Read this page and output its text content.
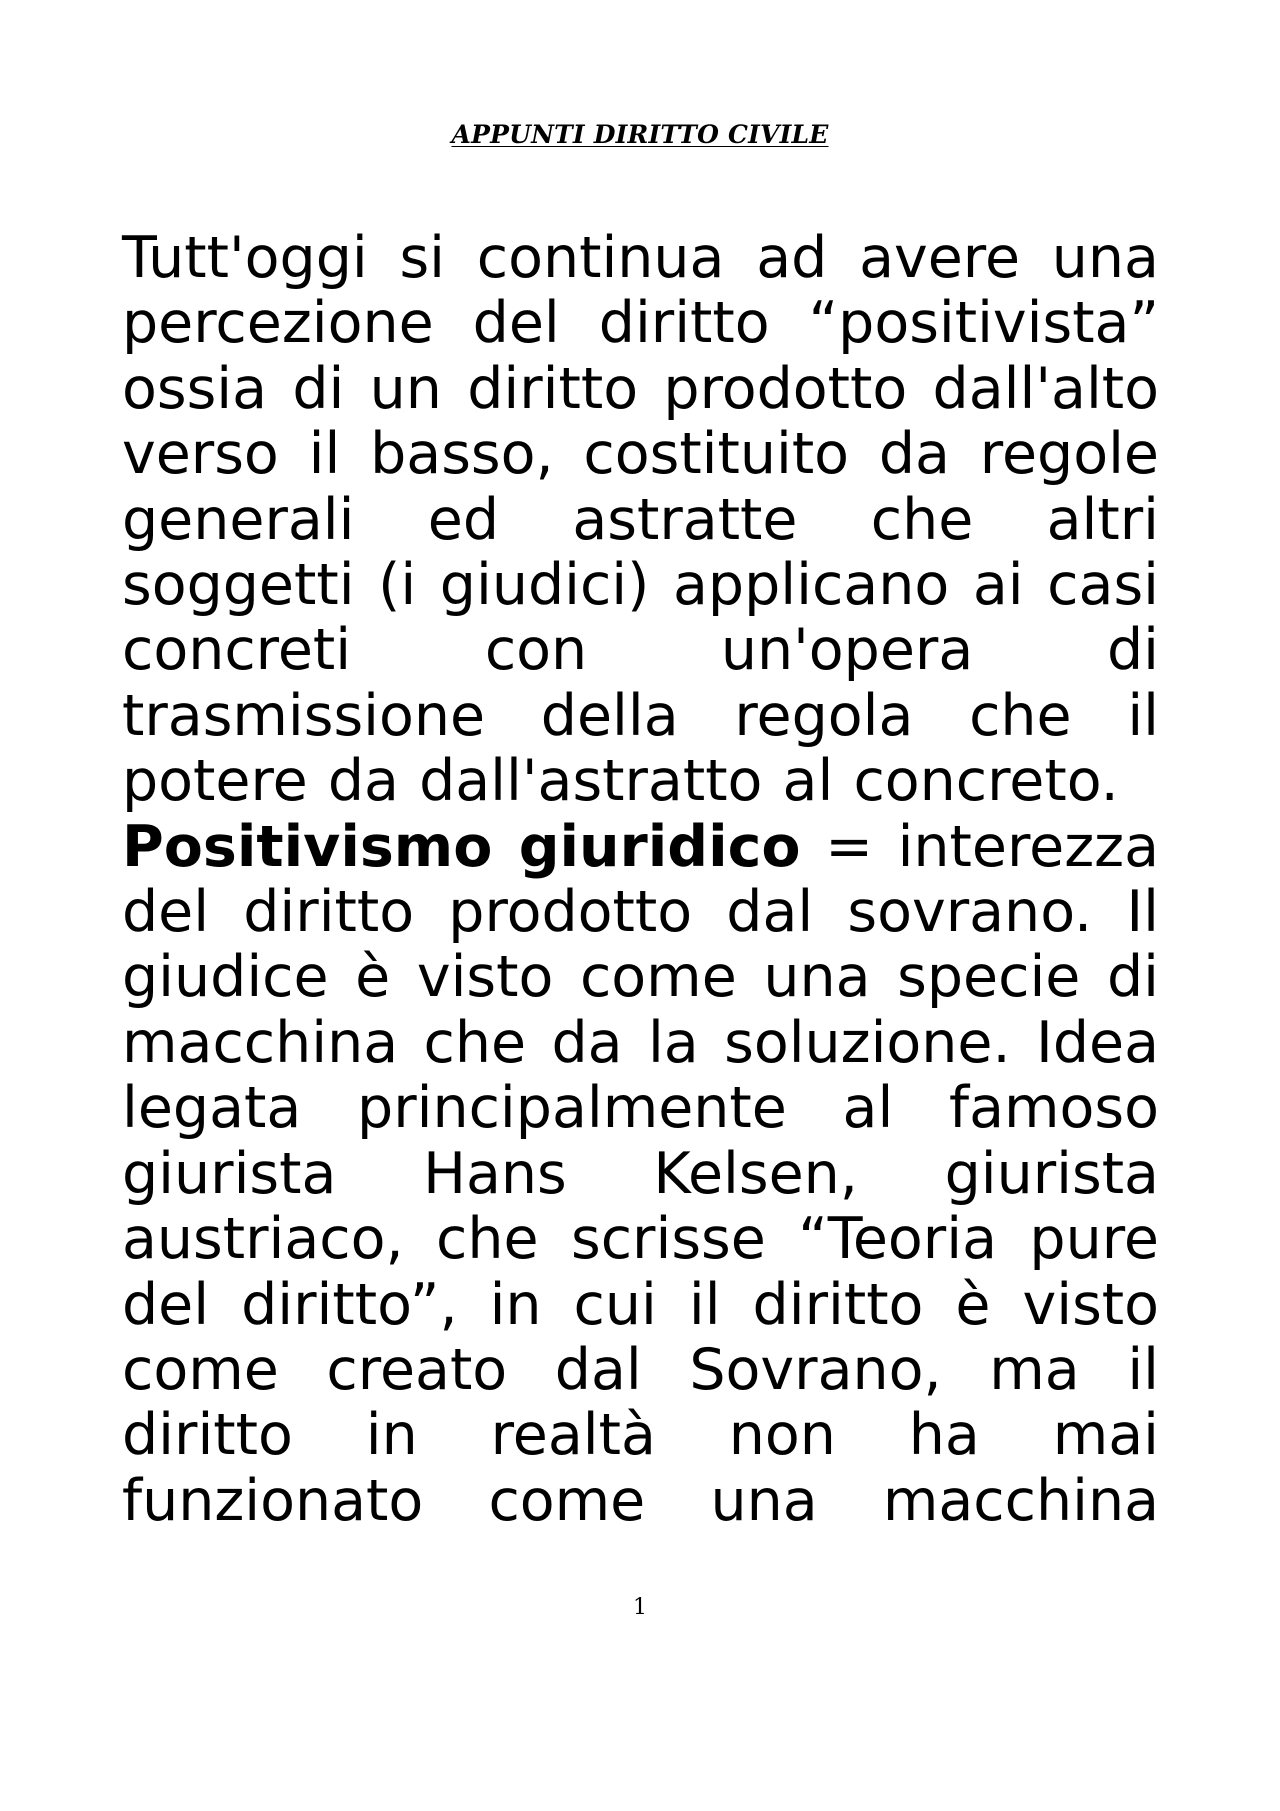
APPUNTI DIRITTO CIVILE

Tutt'oggi si continua ad avere una percezione del diritto “positivista” ossia di un diritto prodotto dall'alto verso il basso, costituito da regole generali ed astratte che altri soggetti (i giudici) applicano ai casi concreti con un'opera di trasmissione della regola che il potere da dall'astratto al concreto.

Positivismo giuridico = interezza del diritto prodotto dal sovrano. Il giudice è visto come una specie di macchina che da la soluzione. Idea legata principalmente al famoso giurista Hans Kelsen, giurista austriaco, che scrisse “Teoria pure del diritto”, in cui il diritto è visto come creato dal Sovrano, ma il diritto in realtà non ha mai funzionato come una macchina

1
